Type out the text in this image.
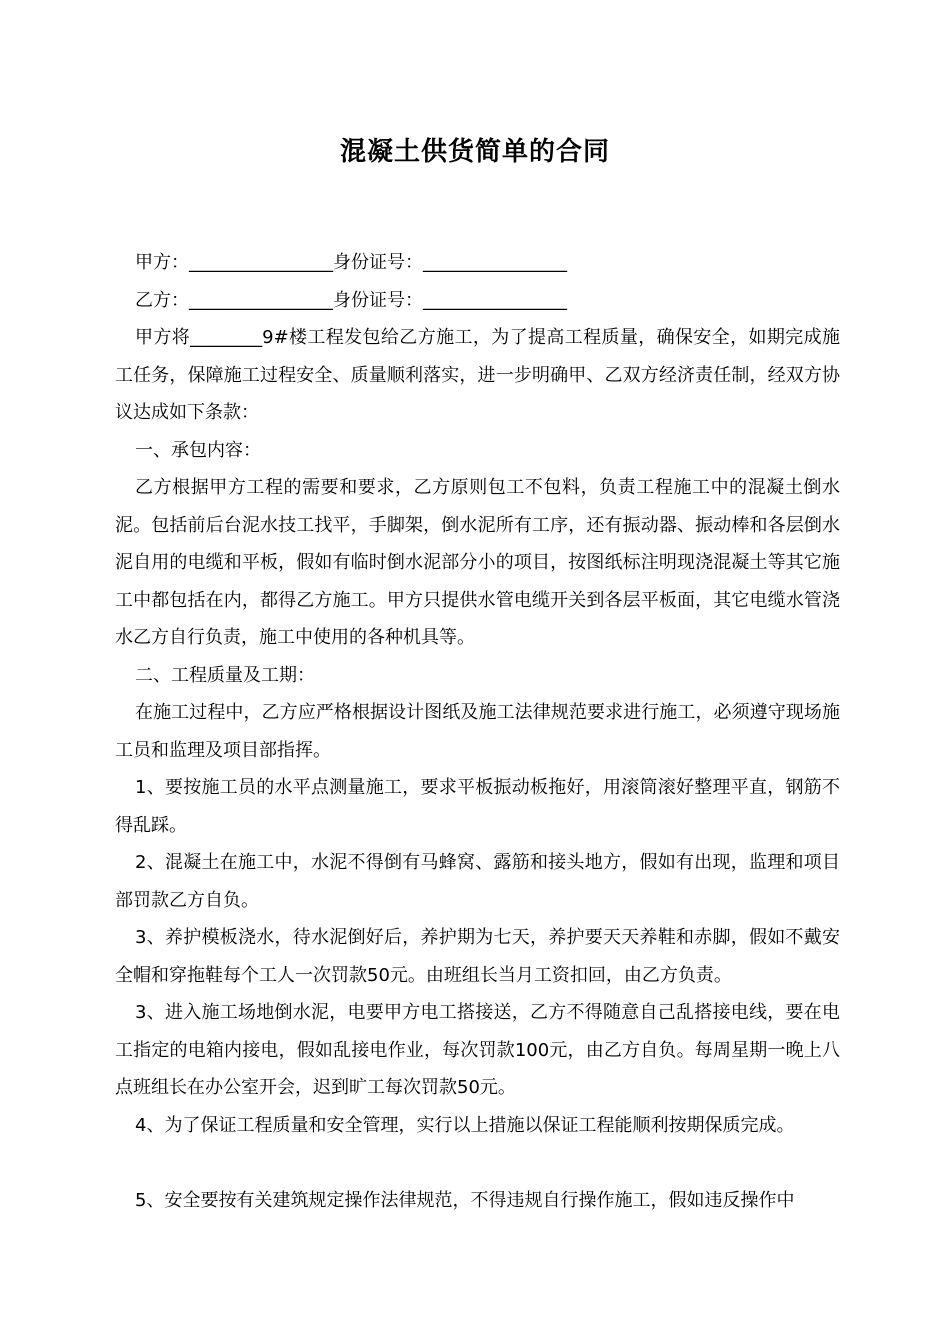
混凝土供货简单的合同

甲方：________________身份证号：________________

乙方：________________身份证号：________________

甲方将________9#楼工程发包给乙方施工，为了提高工程质量，确保安全，如期完成施工任务，保障施工过程安全、质量顺利落实，进一步明确甲、乙双方经济责任制，经双方协议达成如下条款：

一、承包内容：

乙方根据甲方工程的需要和要求，乙方原则包工不包料，负责工程施工中的混凝土倒水泥。包括前后台泥水技工找平，手脚架，倒水泥所有工序，还有振动器、振动棒和各层倒水泥自用的电缆和平板，假如有临时倒水泥部分小的项目，按图纸标注明现浇混凝土等其它施工中都包括在内，都得乙方施工。甲方只提供水管电缆开关到各层平板面，其它电缆水管浇水乙方自行负责，施工中使用的各种机具等。

二、工程质量及工期：

在施工过程中，乙方应严格根据设计图纸及施工法律规范要求进行施工，必须遵守现场施工员和监理及项目部指挥。

1、要按施工员的水平点测量施工，要求平板振动板拖好，用滚筒滚好整理平直，钢筋不得乱踩。

2、混凝土在施工中，水泥不得倒有马蜂窝、露筋和接头地方，假如有出现，监理和项目部罚款乙方自负。

3、养护模板浇水，待水泥倒好后，养护期为七天，养护要天天养鞋和赤脚，假如不戴安全帽和穿拖鞋每个工人一次罚款50元。由班组长当月工资扣回，由乙方负责。

3、进入施工场地倒水泥，电要甲方电工搭接送，乙方不得随意自己乱搭接电线，要在电工指定的电箱内接电，假如乱接电作业，每次罚款100元，由乙方自负。每周星期一晚上八点班组长在办公室开会，迟到旷工每次罚款50元。

4、为了保证工程质量和安全管理，实行以上措施以保证工程能顺利按期保质完成。

5、安全要按有关建筑规定操作法律规范，不得违规自行操作施工，假如违反操作中
